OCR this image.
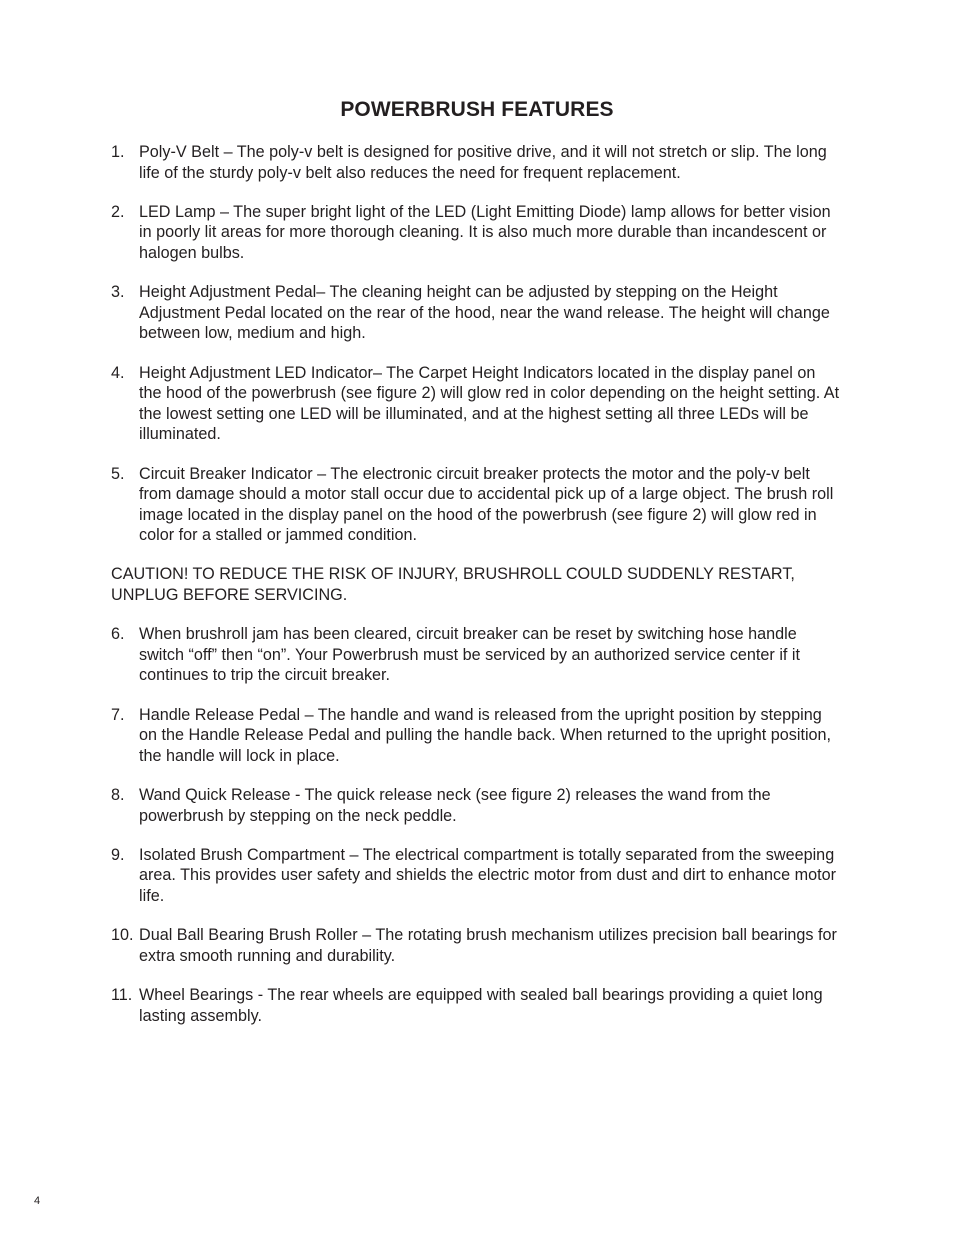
POWERBRUSH FEATURES
1. Poly-V Belt – The poly-v belt is designed for positive drive, and it will not stretch or slip. The long life of the sturdy poly-v belt also reduces the need for frequent replacement.
2. LED Lamp – The super bright light of the LED (Light Emitting Diode) lamp allows for better vision in poorly lit areas for more thorough cleaning. It is also much more durable than incandescent or halogen bulbs.
3. Height Adjustment Pedal– The cleaning height can be adjusted by stepping on the Height Adjustment Pedal located on the rear of the hood, near the wand release. The height will change between low, medium and high.
4. Height Adjustment LED Indicator– The Carpet Height Indicators located in the display panel on the hood of the powerbrush (see figure 2) will glow red in color depending on the height setting. At the lowest setting one LED will be illuminated, and at the highest setting all three LEDs will be illuminated.
5. Circuit Breaker Indicator – The electronic circuit breaker protects the motor and the poly-v belt from damage should a motor stall occur due to accidental pick up of a large object. The brush roll image located in the display panel on the hood of the powerbrush (see figure 2) will glow red in color for a stalled or jammed condition.
CAUTION! TO REDUCE THE RISK OF INJURY, BRUSHROLL COULD SUDDENLY RESTART, UNPLUG BEFORE SERVICING.
6. When brushroll jam has been cleared, circuit breaker can be reset by switching hose handle switch “off” then “on”. Your Powerbrush must be serviced by an authorized service center if it continues to trip the circuit breaker.
7. Handle Release Pedal – The handle and wand is released from the upright position by stepping on the Handle Release Pedal and pulling the handle back. When returned to the upright position, the handle will lock in place.
8. Wand Quick Release - The quick release neck (see figure 2) releases the wand from the powerbrush by stepping on the neck peddle.
9. Isolated Brush Compartment – The electrical compartment is totally separated from the sweeping area. This provides user safety and shields the electric motor from dust and dirt to enhance motor life.
10. Dual Ball Bearing Brush Roller – The rotating brush mechanism utilizes precision ball bearings for extra smooth running and durability.
11. Wheel Bearings - The rear wheels are equipped with sealed ball bearings providing a quiet long lasting assembly.
4
